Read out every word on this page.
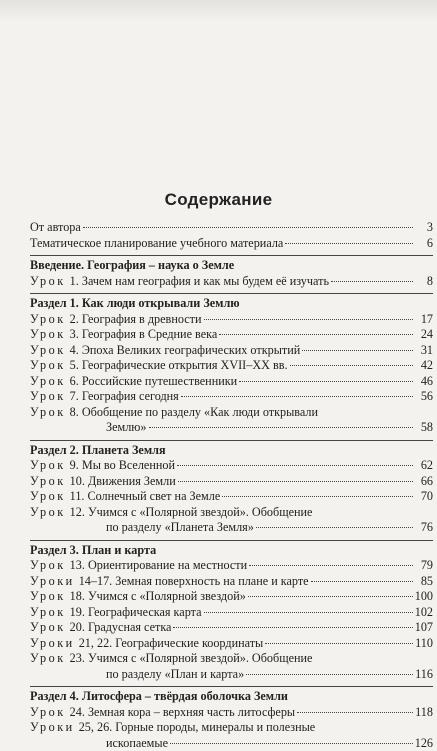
Содержание
От автора	3
Тематическое планирование учебного материала	6
Введение. География – наука о Земле
Урок 1. Зачем нам география и как мы будем её изучать	8
Раздел 1. Как люди открывали Землю
Урок 2. География в древности	17
Урок 3. География в Средние века	24
Урок 4. Эпоха Великих географических открытий	31
Урок 5. Географические открытия XVII–XX вв.	42
Урок 6. Российские путешественники	46
Урок 7. География сегодня	56
Урок 8. Обобщение по разделу «Как люди открывали
Землю»	58
Раздел 2. Планета Земля
Урок 9. Мы во Вселенной	62
Урок 10. Движения Земли	66
Урок 11. Солнечный свет на Земле	70
Урок 12. Учимся с «Полярной звездой». Обобщение
по разделу «Планета Земля»	76
Раздел 3. План и карта
Урок 13. Ориентирование на местности	79
Уроки 14–17. Земная поверхность на плане и карте	85
Урок 18. Учимся с «Полярной звездой»	100
Урок 19. Географическая карта	102
Урок 20. Градусная сетка	107
Уроки 21, 22. Географические координаты	110
Урок 23. Учимся с «Полярной звездой». Обобщение
по разделу «План и карта»	116
Раздел 4. Литосфера – твёрдая оболочка Земли
Урок 24. Земная кора – верхняя часть литосферы	118
Уроки 25, 26. Горные породы, минералы и полезные
ископаемые	126
